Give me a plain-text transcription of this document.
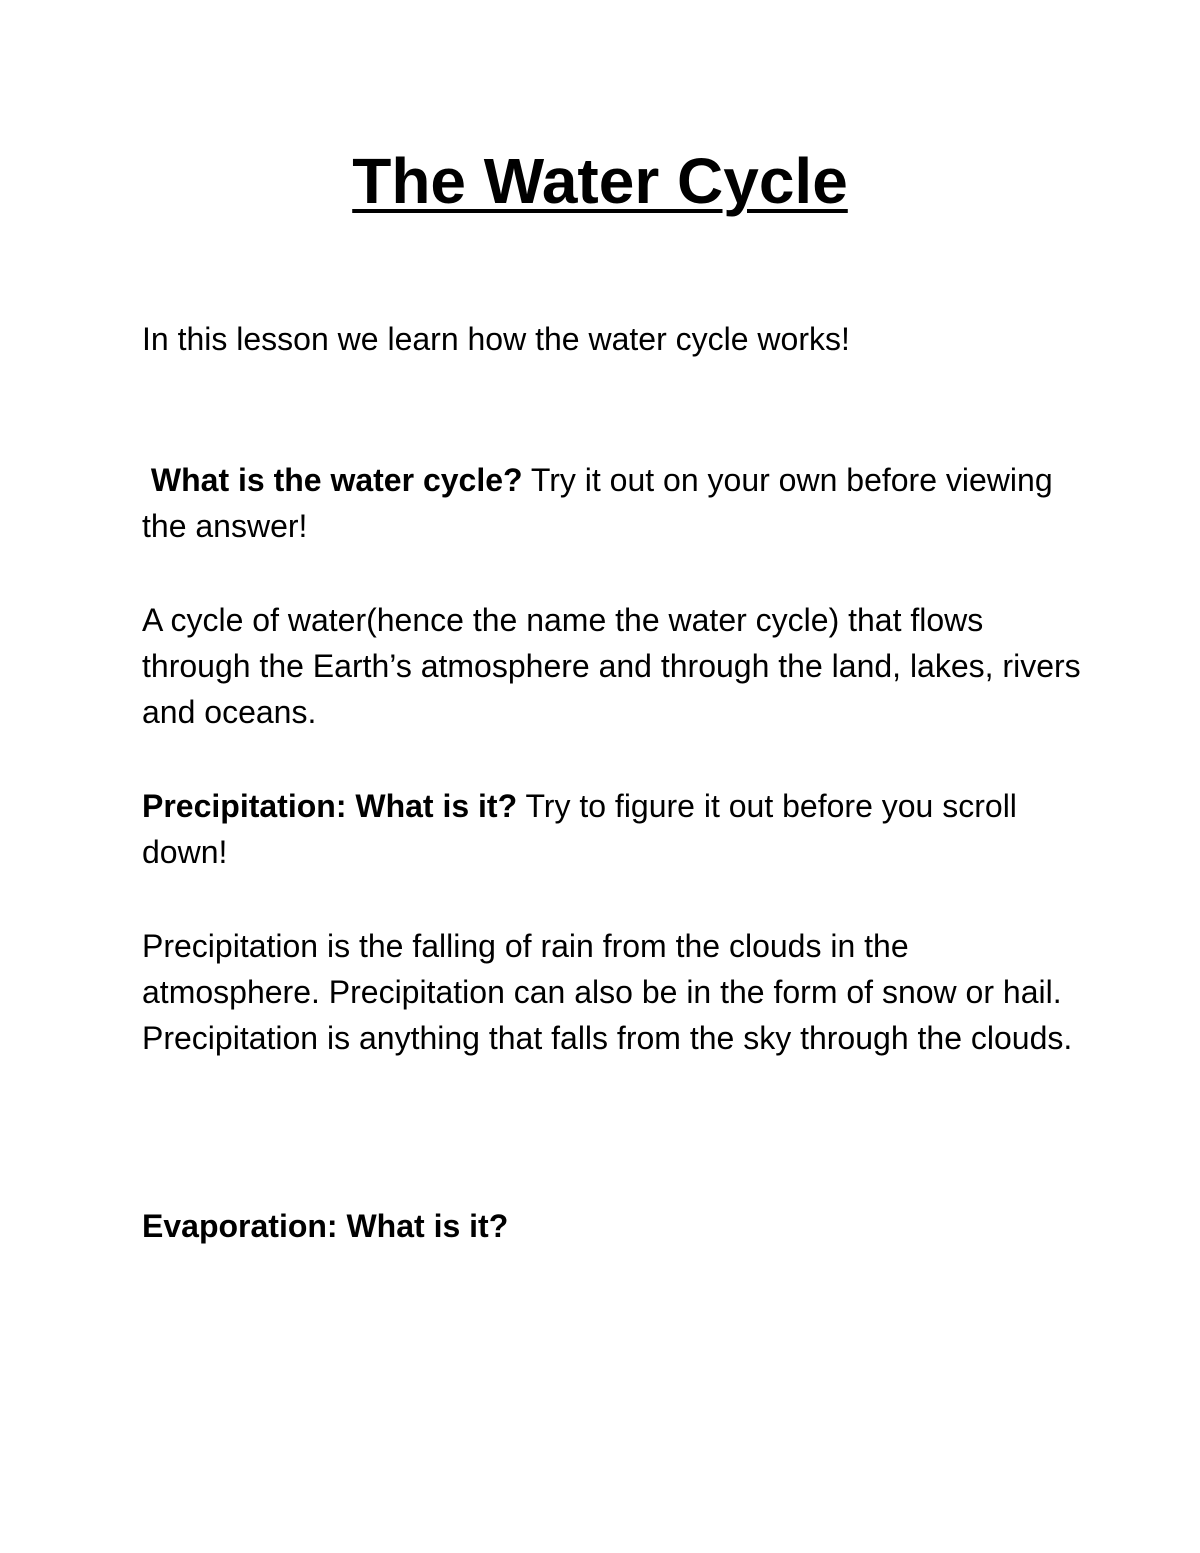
The Water Cycle

In this lesson we learn how the water cycle works!

What is the water cycle? Try it out on your own before viewing the answer!

A cycle of water(hence the name the water cycle) that flows through the Earth’s atmosphere and through the land, lakes, rivers and oceans.

Precipitation: What is it? Try to figure it out before you scroll down!

Precipitation is the falling of rain from the clouds in the atmosphere. Precipitation can also be in the form of snow or hail. Precipitation is anything that falls from the sky through the clouds.

Evaporation: What is it?
